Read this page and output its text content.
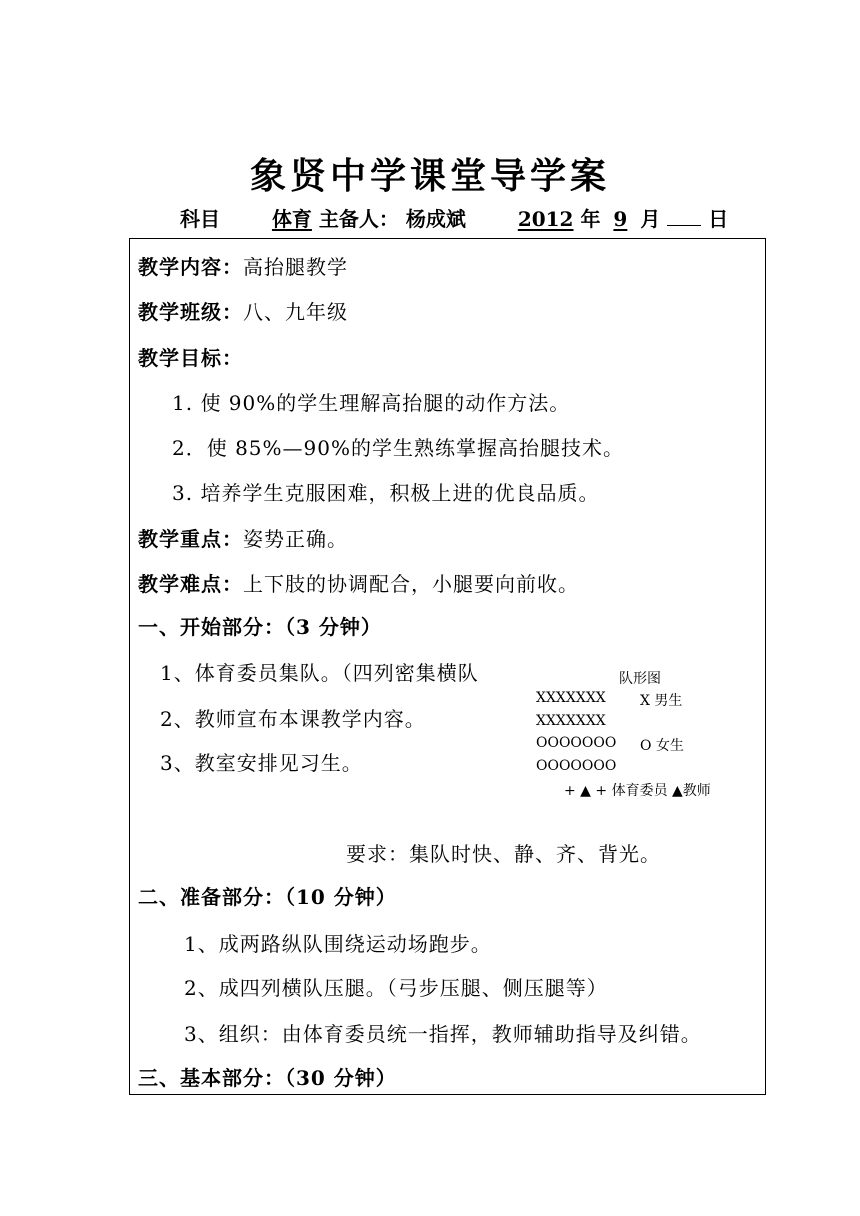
象贤中学课堂导学案
科目	体育 主备人： 杨成斌	2012 年 9 月 日
教学内容：高抬腿教学
教学班级：八、九年级
教学目标：
1. 使 90%的学生理解高抬腿的动作方法。
2．使 85%—90%的学生熟练掌握高抬腿技术。
3. 培养学生克服困难，积极上进的优良品质。
教学重点：姿势正确。
教学难点：上下肢的协调配合，小腿要向前收。
一、开始部分：（3 分钟）
1、体育委员集队。（四列密集横队
2、教师宣布本课教学内容。
3、教室安排见习生。
队形图
XXXXXXX X 男生
XXXXXXX
OOOOOOO O 女生
OOOOOOO
+ ▲ + 体育委员 ▲教师
要求：集队时快、静、齐、背光。
二、准备部分：（10 分钟）
1、成两路纵队围绕运动场跑步。
2、成四列横队压腿。（弓步压腿、侧压腿等）
3、组织：由体育委员统一指挥，教师辅助指导及纠错。
三、基本部分：（30 分钟）
